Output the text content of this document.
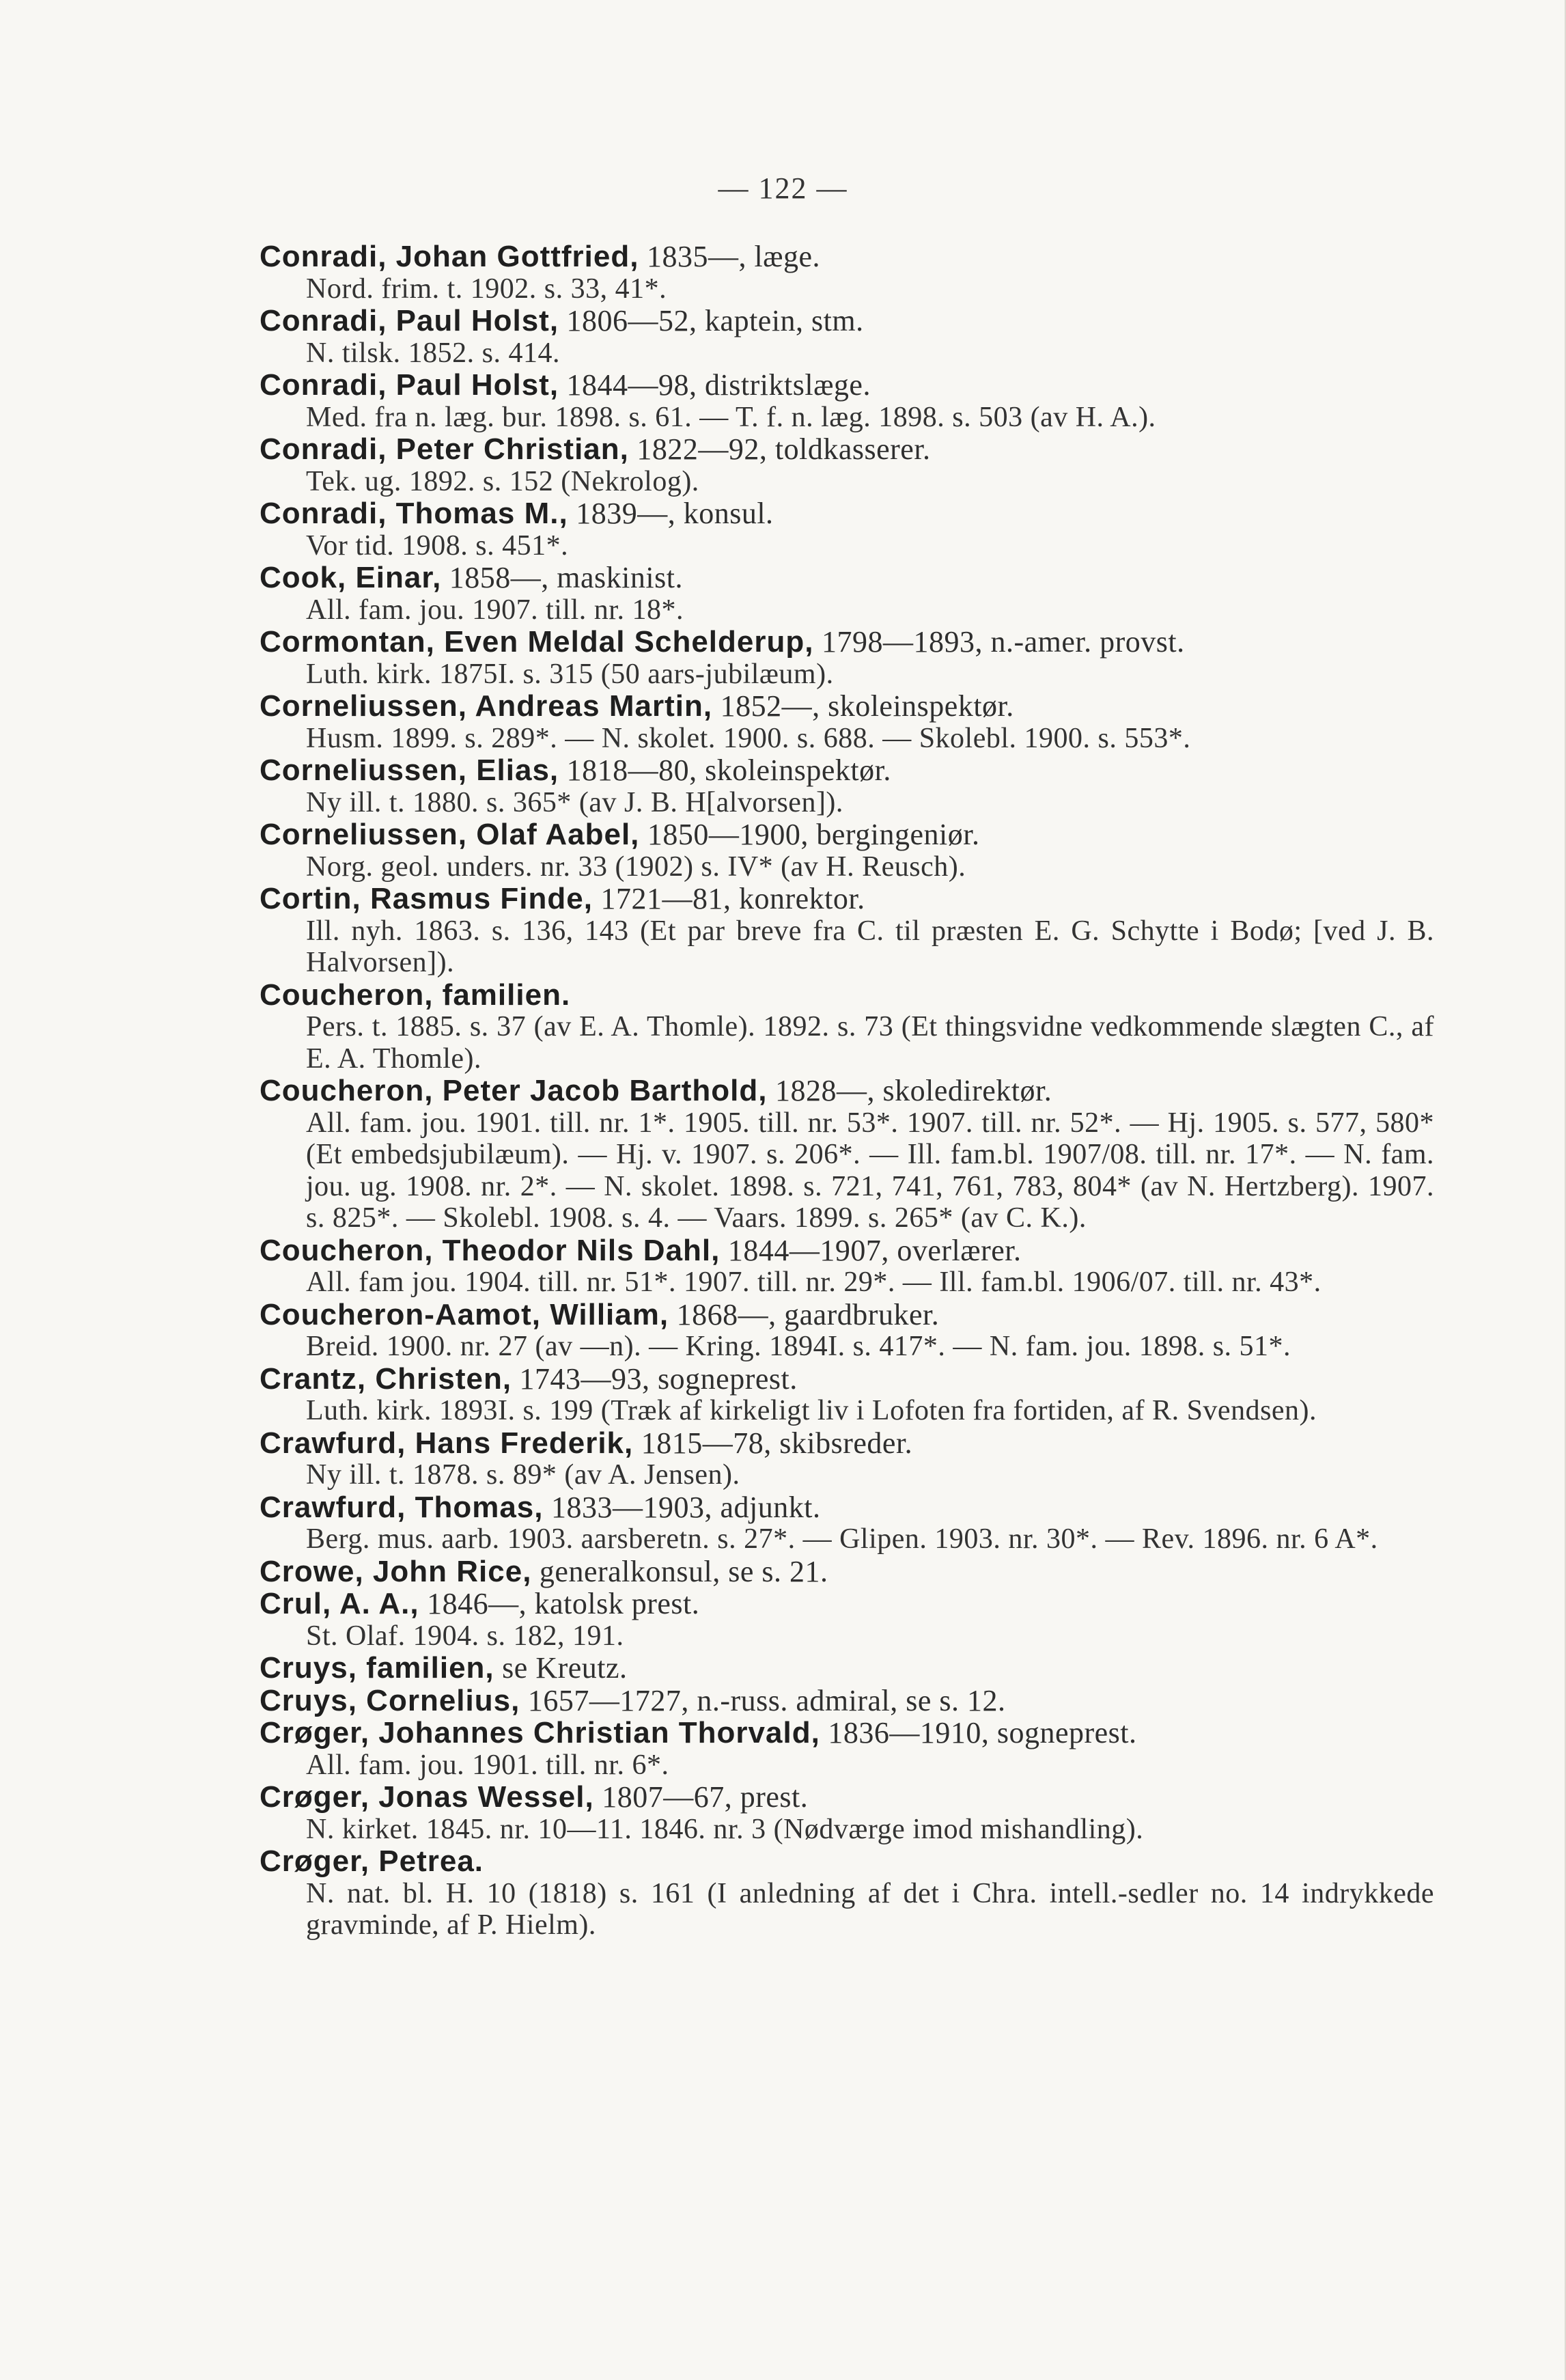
— 122 —
Conradi, Johan Gottfried, 1835—, læge.
Nord. frim. t. 1902. s. 33, 41*.
Conradi, Paul Holst, 1806—52, kaptein, stm.
N. tilsk. 1852. s. 414.
Conradi, Paul Holst, 1844—98, distriktslæge.
Med. fra n. læg. bur. 1898. s. 61. — T. f. n. læg. 1898. s. 503 (av H. A.).
Conradi, Peter Christian, 1822—92, toldkasserer.
Tek. ug. 1892. s. 152 (Nekrolog).
Conradi, Thomas M., 1839—, konsul.
Vor tid. 1908. s. 451*.
Cook, Einar, 1858—, maskinist.
All. fam. jou. 1907. till. nr. 18*.
Cormontan, Even Meldal Schelderup, 1798—1893, n.-amer. provst.
Luth. kirk. 1875I. s. 315 (50 aars-jubilæum).
Corneliussen, Andreas Martin, 1852—, skoleinspektør.
Husm. 1899. s. 289*. — N. skolet. 1900. s. 688. — Skolebl. 1900. s. 553*.
Corneliussen, Elias, 1818—80, skoleinspektør.
Ny ill. t. 1880. s. 365* (av J. B. H[alvorsen]).
Corneliussen, Olaf Aabel, 1850—1900, bergingeniør.
Norg. geol. unders. nr. 33 (1902) s. IV* (av H. Reusch).
Cortin, Rasmus Finde, 1721—81, konrektor.
Ill. nyh. 1863. s. 136, 143 (Et par breve fra C. til præsten E. G. Schytte i Bodø; [ved J. B. Halvorsen]).
Coucheron, familien.
Pers. t. 1885. s. 37 (av E. A. Thomle). 1892. s. 73 (Et thingsvidne vedkommende slægten C., af E. A. Thomle).
Coucheron, Peter Jacob Barthold, 1828—, skoledirektør.
All. fam. jou. 1901. till. nr. 1*. 1905. till. nr. 53*. 1907. till. nr. 52*. — Hj. 1905. s. 577, 580* (Et embedsjubilæum). — Hj. v. 1907. s. 206*. — Ill. fam.bl. 1907/08. till. nr. 17*. — N. fam. jou. ug. 1908. nr. 2*. — N. skolet. 1898. s. 721, 741, 761, 783, 804* (av N. Hertzberg). 1907. s. 825*. — Skolebl. 1908. s. 4. — Vaars. 1899. s. 265* (av C. K.).
Coucheron, Theodor Nils Dahl, 1844—1907, overlærer.
All. fam jou. 1904. till. nr. 51*. 1907. till. nr. 29*. — Ill. fam.bl. 1906/07. till. nr. 43*.
Coucheron-Aamot, William, 1868—, gaardbruker.
Breid. 1900. nr. 27 (av —n). — Kring. 1894I. s. 417*. — N. fam. jou. 1898. s. 51*.
Crantz, Christen, 1743—93, sogneprest.
Luth. kirk. 1893I. s. 199 (Træk af kirkeligt liv i Lofoten fra fortiden, af R. Svendsen).
Crawfurd, Hans Frederik, 1815—78, skibsreder.
Ny ill. t. 1878. s. 89* (av A. Jensen).
Crawfurd, Thomas, 1833—1903, adjunkt.
Berg. mus. aarb. 1903. aarsberetn. s. 27*. — Glipen. 1903. nr. 30*. — Rev. 1896. nr. 6 A*.
Crowe, John Rice, generalkonsul, se s. 21.
Crul, A. A., 1846—, katolsk prest.
St. Olaf. 1904. s. 182, 191.
Cruys, familien, se Kreutz.
Cruys, Cornelius, 1657—1727, n.-russ. admiral, se s. 12.
Crøger, Johannes Christian Thorvald, 1836—1910, sogneprest.
All. fam. jou. 1901. till. nr. 6*.
Crøger, Jonas Wessel, 1807—67, prest.
N. kirket. 1845. nr. 10—11. 1846. nr. 3 (Nødværge imod mishandling).
Crøger, Petrea.
N. nat. bl. H. 10 (1818) s. 161 (I anledning af det i Chra. intell.-sedler no. 14 indrykkede gravminde, af P. Hielm).
